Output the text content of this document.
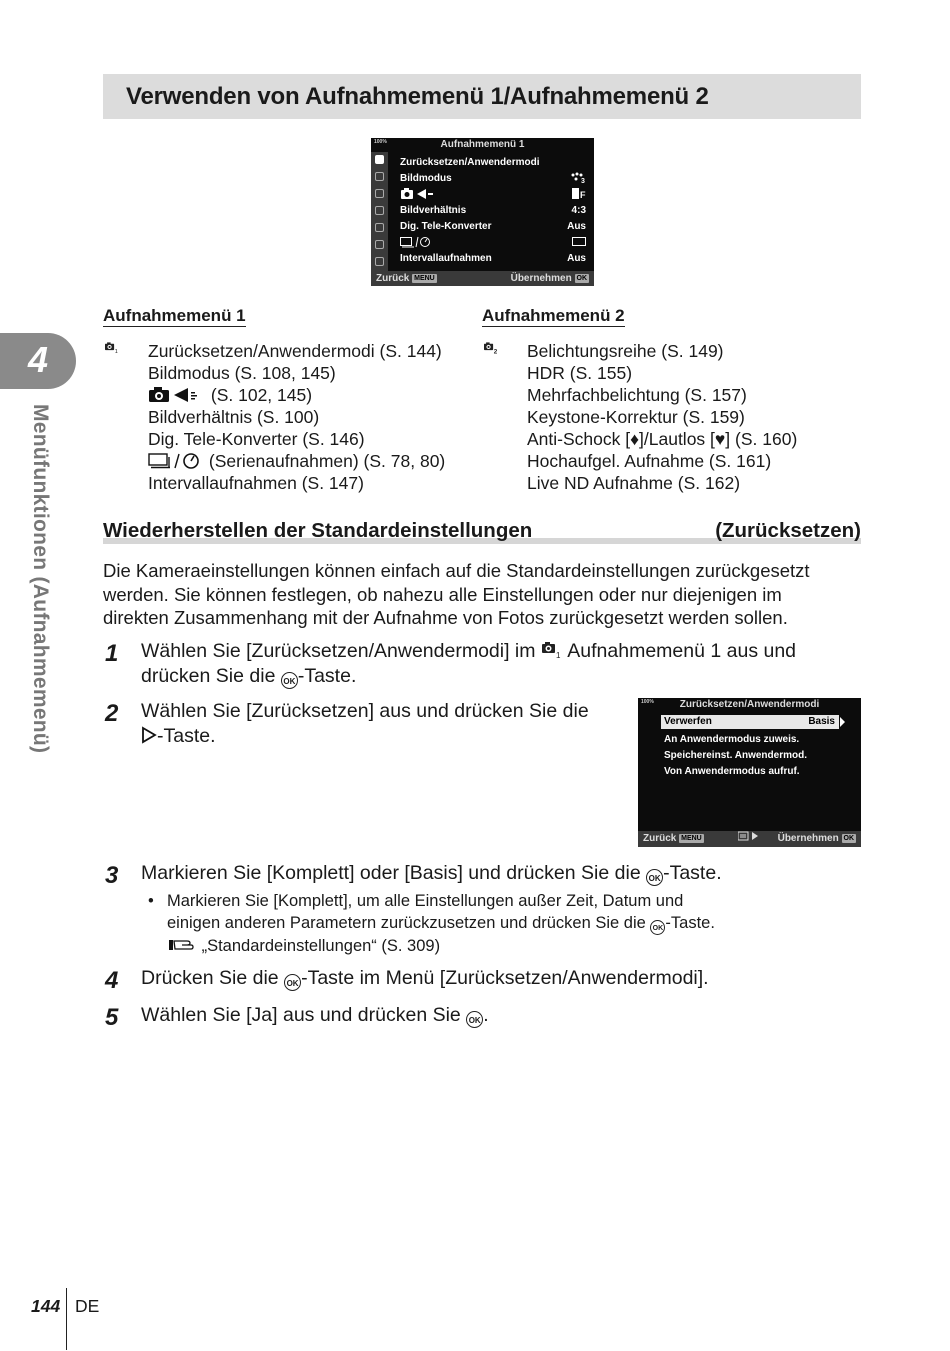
Verwenden von Aufnahmemenü 1/Aufnahmemenü 2
4
Menüfunktionen (Aufnahmemenü)
100%	Aufnahmemenü 1
Zurücksetzen/Anwendermodi
Bildmodus	3
F
Bildverhältnis	4:3
Dig. Tele-Konverter	Aus
Intervallaufnahmen	Aus
Zurück MENU	Übernehmen OK
Aufnahmemenü 1
1 Zurücksetzen/Anwendermodi (S. 144)
Bildmodus (S. 108, 145)
(S. 102, 145)
Bildverhältnis (S. 100)
Dig. Tele-Konverter (S. 146)
(Serienaufnahmen) (S. 78, 80)
Intervallaufnahmen (S. 147)
Aufnahmemenü 2
2 Belichtungsreihe (S. 149)
HDR (S. 155)
Mehrfachbelichtung (S. 157)
Keystone-Korrektur (S. 159)
Anti-Schock [♦]/Lautlos [♥] (S. 160)
Hochaufgel. Aufnahme (S. 161)
Live ND Aufnahme (S. 162)
Wiederherstellen der Standardeinstellungen	(Zurücksetzen)
Die Kameraeinstellungen können einfach auf die Standardeinstellungen zurückgesetzt
werden. Sie können festlegen, ob nahezu alle Einstellungen oder nur diejenigen im
direkten Zusammenhang mit der Aufnahme von Fotos zurückgesetzt werden sollen.
1 Wählen Sie [Zurücksetzen/Anwendermodi] im	1 Aufnahmemenü 1 aus und
drücken Sie die OK -Taste.
2 Wählen Sie [Zurücksetzen] aus und drücken Sie die
-Taste.
100%	Zurücksetzen/Anwendermodi
Verwerfen	Basis
An Anwendermodus zuweis.
Speichereinst. Anwendermod.
Von Anwendermodus aufruf.
Zurück MENU	Übernehmen OK
3 Markieren Sie [Komplett] oder [Basis] und drücken Sie die OK -Taste.
• Markieren Sie [Komplett], um alle Einstellungen außer Zeit, Datum und
einigen anderen Parametern zurückzusetzen und drücken Sie die OK -Taste.
„Standardeinstellungen“ (S. 309)
4 Drücken Sie die OK -Taste im Menü [Zurücksetzen/Anwendermodi].
5 Wählen Sie [Ja] aus und drücken Sie OK .
144 DE
